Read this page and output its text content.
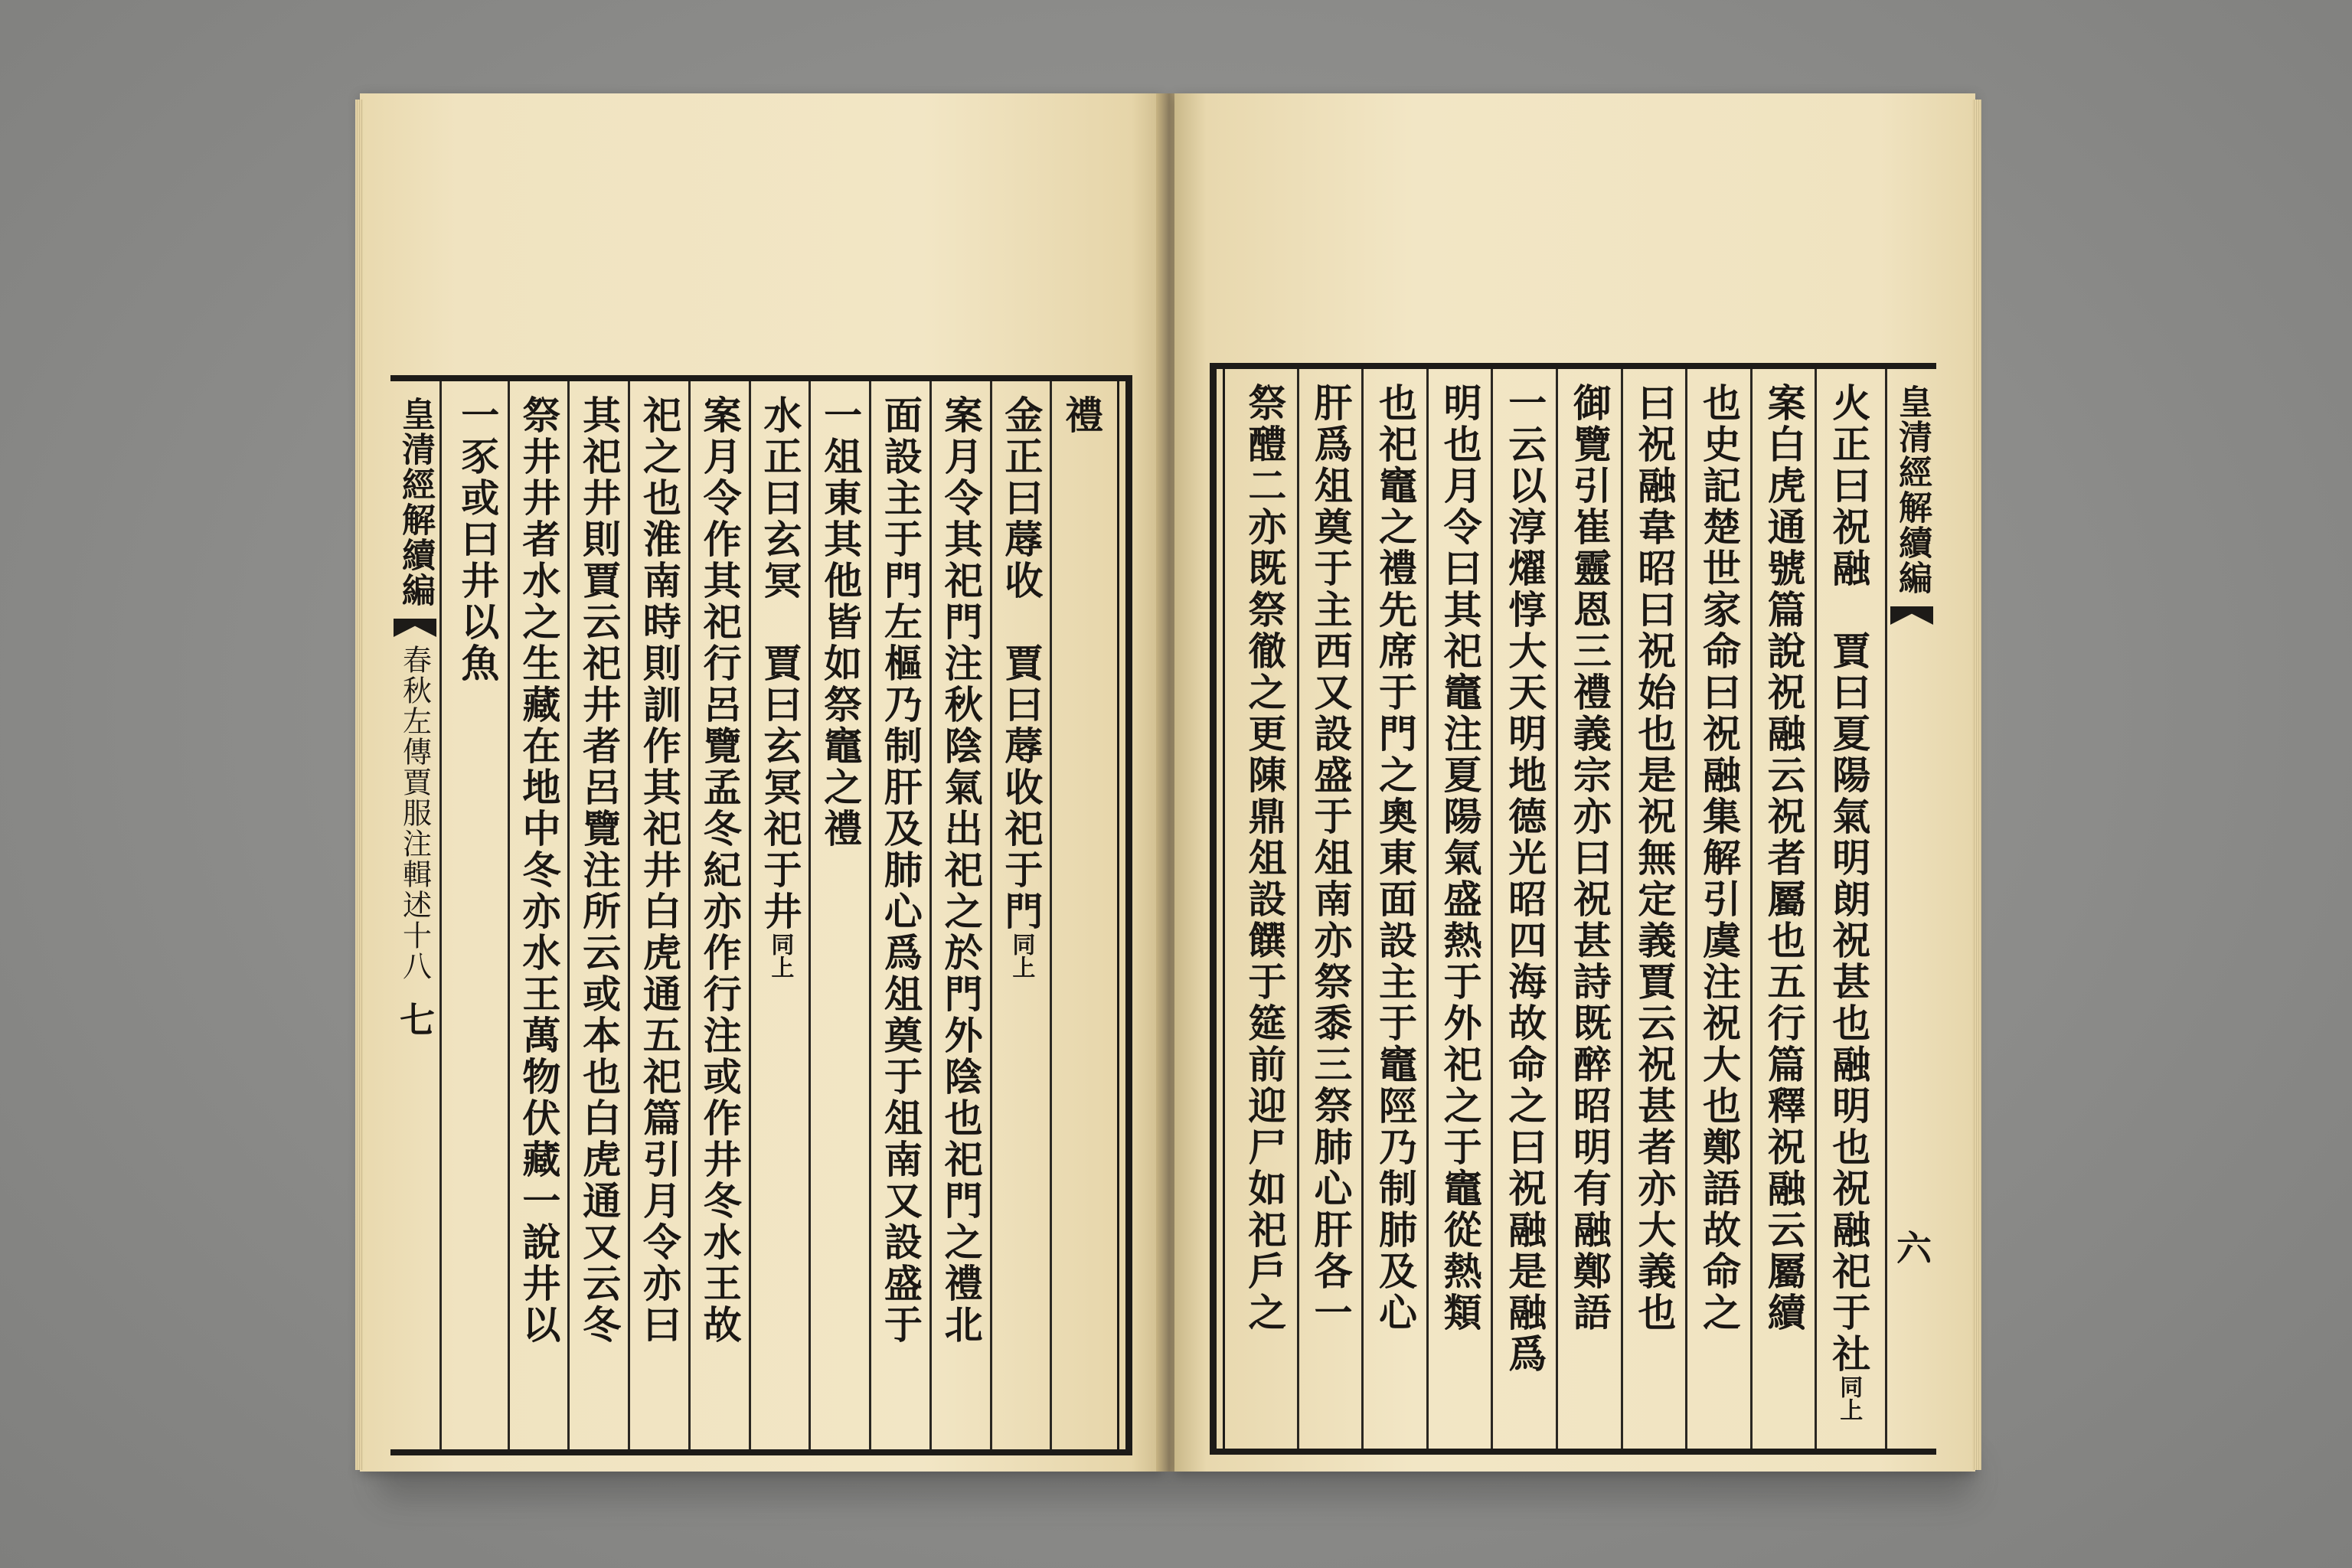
皇清經解續編
春秋左傳賈服注輯述十八
七
禮
金正曰蓐收　賈曰蓐收祀于門同上
案月令其祀門注秋陰氣出祀之於門外陰也祀門之禮北
面設主于門左樞乃制肝及肺心爲俎奠于俎南又設盛于
一俎東其他皆如祭竈之禮
水正曰玄冥　賈曰玄冥祀于井同上
案月令作其祀行呂覽孟冬紀亦作行注或作井冬水王故
祀之也淮南時則訓作其祀井白虎通五祀篇引月令亦曰
其祀井則賈云祀井者呂覽注所云或本也白虎通又云冬
祭井井者水之生藏在地中冬亦水王萬物伏藏一說井以
一豕或曰井以魚
　　　　　	皇清經解續編
六
火正曰祝融　賈曰夏陽氣明朗祝甚也融明也祝融祀于社同上
案白虎通號篇說祝融云祝者屬也五行篇釋祝融云屬續
也史記楚世家命曰祝融集解引虞注祝大也鄭語故命之
曰祝融韋昭曰祝始也是祝無定義賈云祝甚者亦大義也
御覽引崔靈恩三禮義宗亦曰祝甚詩既醉昭明有融鄭語
一云以淳燿惇大天明地德光昭四海故命之曰祝融是融爲
明也月令曰其祀竈注夏陽氣盛熱于外祀之于竈從熱類
也祀竈之禮先席于門之奧東面設主于竈陘乃制肺及心
肝爲俎奠于主西又設盛于俎南亦祭黍三祭肺心肝各一
祭醴二亦既祭徹之更陳鼎俎設饌于筵前迎尸如祀戶之
